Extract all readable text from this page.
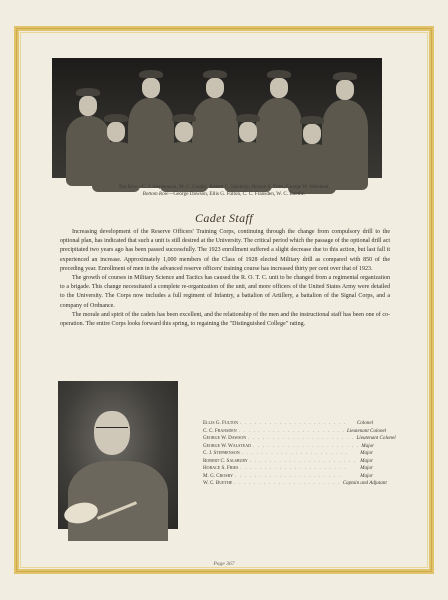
Top Row—C. J. Stephenson, M. C. Crosby, Robert C. Salsbury, Horace S. Fries, George W. Walstead.
Bottom Row—George Dawson, Ellis G. Fulton, C. C. Fransden, W. C. Buethe.
Cadet Staff

Increasing development of the Reserve Officers' Training Corps, continuing through the change from compulsory drill to the optional plan, has indicated that such a unit is still desired at the University. The critical period which the passage of the optional drill act precipitated two years ago has been passed successfully. The 1923 enrollment suffered a slight decrease due to this action, but last fall it experienced an increase. Approximately 1,000 members of the Class of 1928 elected Military drill as compared with 850 of the preceding year. Enrollment of men in the advanced reserve officers' training course has increased thirty per cent over that of 1923.

The growth of courses in Military Science and Tactics has caused the R. O. T. C. unit to be changed from a regimental organization to a brigade. This change necessitated a complete re-organization of the unit, and more officers of the United States Army were detailed to the University. The Corps now includes a full regiment of Infantry, a battalion of Artillery, a battalion of the Signal Corps, and a company of Ordnance.

The morale and spirit of the cadets has been excellent, and the relationship of the men and the instructional staff has been one of co-operation. The entire Corps looks forward this spring, to regaining the "Distinguished College" rating.

Ellis G. Fulton . . . . . . . . . . . . . . . . . . . . . .	Colonel
C. C. Fransden . . . . . . . . . . . . . . . . . . . . . . Lieutenant Colonel
George W. Dawson . . . . . . . . . . . . . . . . . . . . . . Lieutenant Colonel
George W. Walstead . . . . . . . . . . . . . . . . . . . . . . Major
C. J. Stephenson . . . . . . . . . . . . . . . . . . . . . .	Major
Robert C. Salsbury . . . . . . . . . . . . . . . . . . . . . . Major
Horace S. Fries . . . . . . . . . . . . . . . . . . . . . .	Major
M. G. Crosby . . . . . . . . . . . . . . . . . . . . . .	Major
W. C. Buethe . . . . . . . . . . . . . . . . . . . . . . Captain and Adjutant
Page 367
